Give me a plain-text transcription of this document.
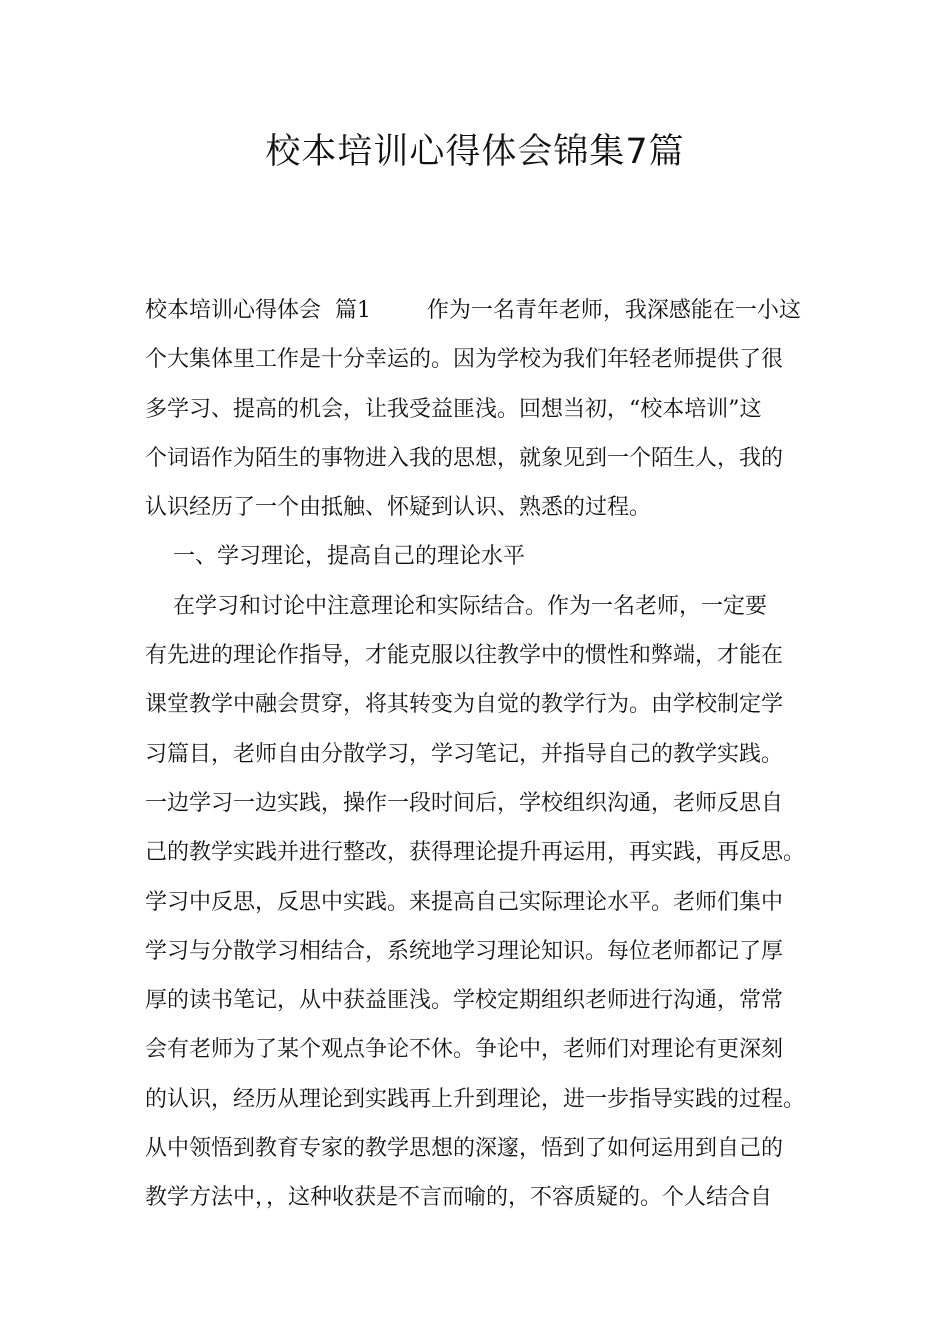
校本培训心得体会锦集7篇
校本培训心得体会  篇1        作为一名青年老师，我深感能在一小这
个大集体里工作是十分幸运的。因为学校为我们年轻老师提供了很
多学习、提高的机会，让我受益匪浅。回想当初，“校本培训”这
个词语作为陌生的事物进入我的思想，就象见到一个陌生人，我的
认识经历了一个由抵触、怀疑到认识、熟悉的过程。
一、学习理论，提高自己的理论水平
在学习和讨论中注意理论和实际结合。作为一名老师，一定要
有先进的理论作指导，才能克服以往教学中的惯性和弊端，才能在
课堂教学中融会贯穿，将其转变为自觉的教学行为。由学校制定学
习篇目，老师自由分散学习，学习笔记，并指导自己的教学实践。
一边学习一边实践，操作一段时间后，学校组织沟通，老师反思自
己的教学实践并进行整改，获得理论提升再运用，再实践，再反思。
学习中反思，反思中实践。来提高自己实际理论水平。老师们集中
学习与分散学习相结合，系统地学习理论知识。每位老师都记了厚
厚的读书笔记，从中获益匪浅。学校定期组织老师进行沟通，常常
会有老师为了某个观点争论不休。争论中，老师们对理论有更深刻
的认识，经历从理论到实践再上升到理论，进一步指导实践的过程。
从中领悟到教育专家的教学思想的深邃，悟到了如何运用到自己的
教学方法中，，这种收获是不言而喻的，不容质疑的。个人结合自
